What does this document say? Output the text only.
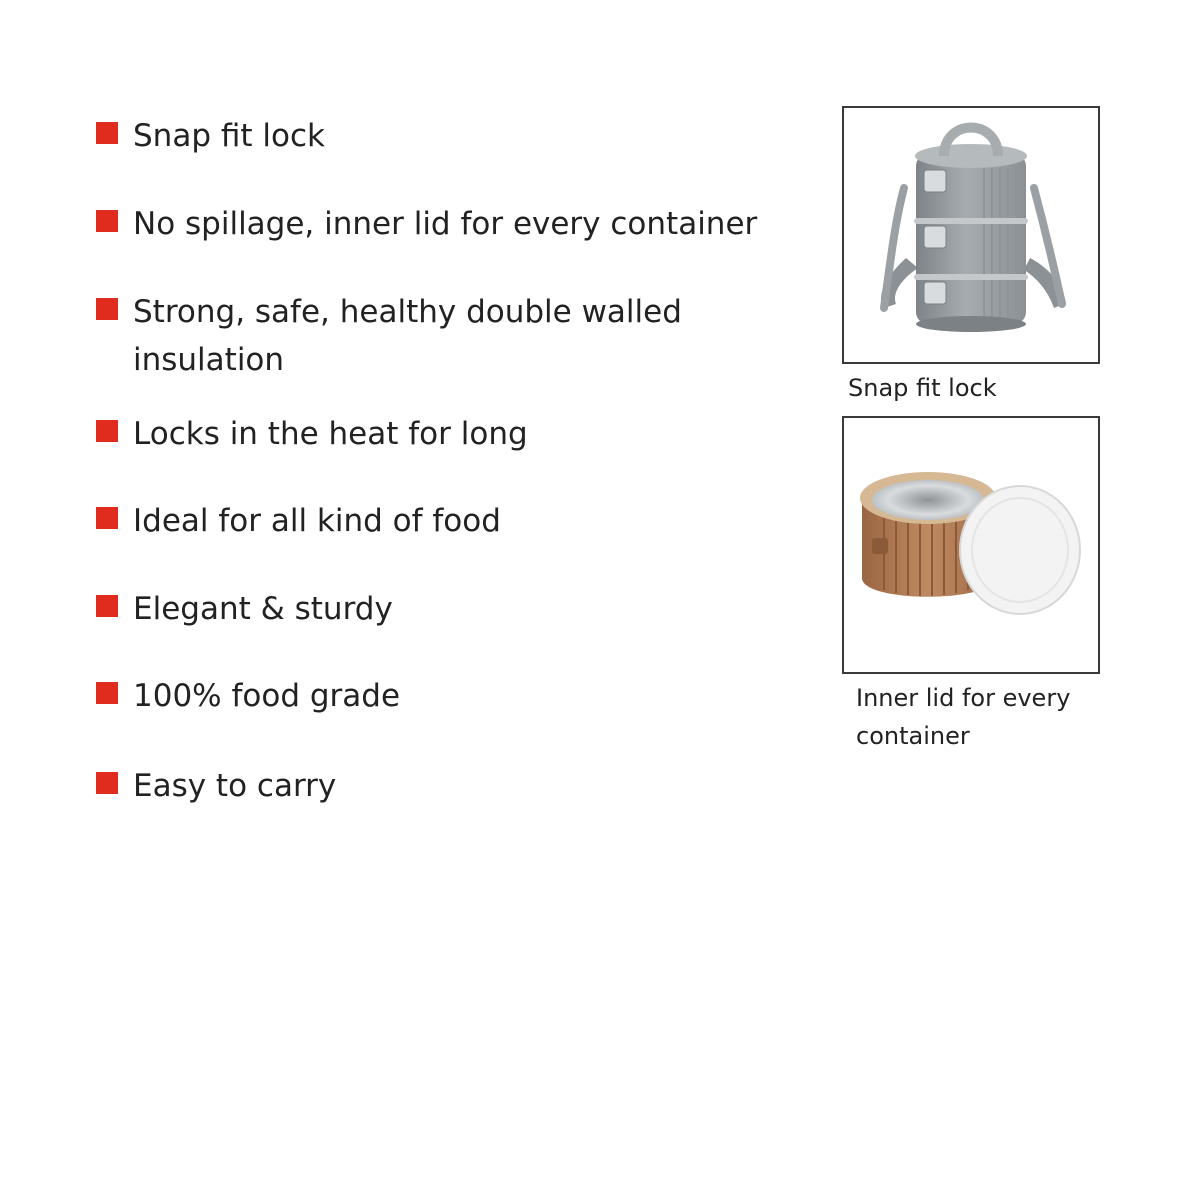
Snap fit lock
No spillage, inner lid for every container
Strong, safe, healthy double walled insulation
Locks in the heat for long
Ideal for all kind of food
Elegant & sturdy
100% food grade
Easy to carry
Snap fit lock
Inner lid for every container
